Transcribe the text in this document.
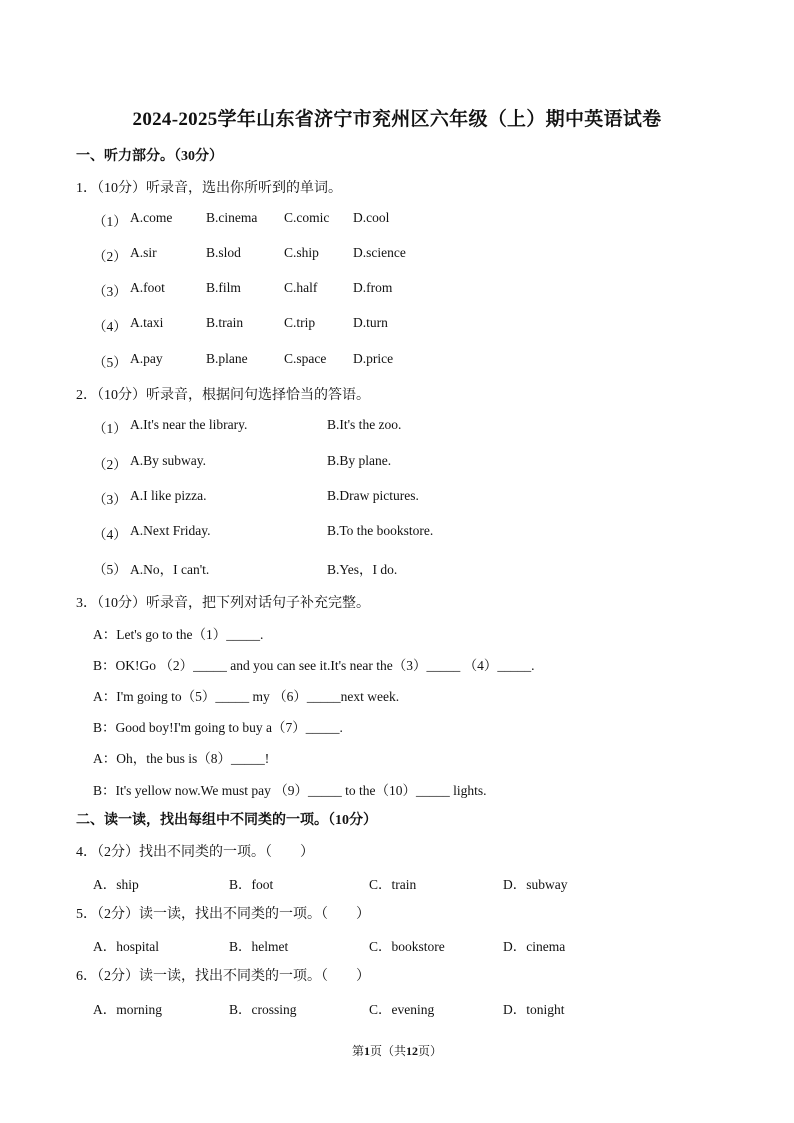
2024-2025学年山东省济宁市兖州区六年级（上）期中英语试卷
一、听力部分。（30分）
1．（10分）听录音，选出你所听到的单词。
（1） A.come B.cinema C.comic D.cool
（2） A.sir	B.slod	C.ship	D.science
（3） A.foot	B.film	C.half	D.from
（4） A.taxi	B.train	C.trip	D.turn
（5） A.pay	B.plane	C.space D.price
2．（10分）听录音，根据问句选择恰当的答语。
（1） A.It's near the library.	B.It's the zoo.
（2） A.By subway.	B.By plane.
（3） A.I like pizza.	B.Draw pictures.
（4） A.Next Friday.	B.To the bookstore.
（5） A.No，I can't.	B.Yes，I do.
3．（10分）听录音，把下列对话句子补充完整。
A：Let's go to the（1）_____.
B：OK!Go （2）_____ and you can see it.It's near the（3）_____ （4）_____.
A：I'm going to（5）_____ my （6）_____next week.
B：Good boy!I'm going to buy a（7）_____.
A：Oh，the bus is（8）_____!
B：It's yellow now.We must pay （9）_____ to the（10）_____ lights.
二、读一读，找出每组中不同类的一项。（10分）
4．（2分）找出不同类的一项。（　　）
A．ship	B．foot	C．train	D．subway
5．（2分）读一读，找出不同类的一项。（　　）
A．hospital	B．helmet	C．bookstore	D．cinema
6．（2分）读一读，找出不同类的一项。（　　）
A．morning	B．crossing	C．evening	D．tonight
第1页（共12页）
